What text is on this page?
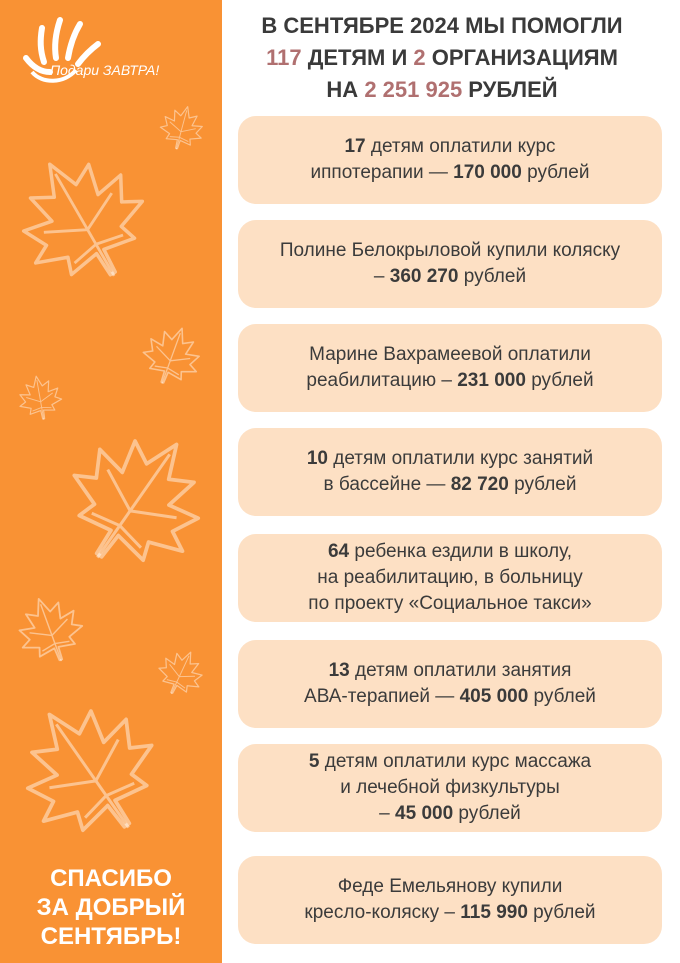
Подари ЗАВТРА!
СПАСИБО
ЗА ДОБРЫЙ
СЕНТЯБРЬ!
В СЕНТЯБРЕ 2024 МЫ ПОМОГЛИ
117 ДЕТЯМ И 2 ОРГАНИЗАЦИЯМ
НА 2 251 925 РУБЛЕЙ
17 детям оплатили курс
иппотерапии — 170 000 рублей
Полине Белокрыловой купили коляску
– 360 270 рублей
Марине Вахрамеевой оплатили
реабилитацию – 231 000 рублей
10 детям оплатили курс занятий
в бассейне — 82 720 рублей
64 ребенка ездили в школу,
на реабилитацию, в больницу
по проекту «Социальное такси»
13 детям оплатили занятия
АВА-терапией — 405 000 рублей
5 детям оплатили курс массажа
и лечебной физкультуры
– 45 000 рублей
Феде Емельянову купили
кресло-коляску – 115 990 рублей
